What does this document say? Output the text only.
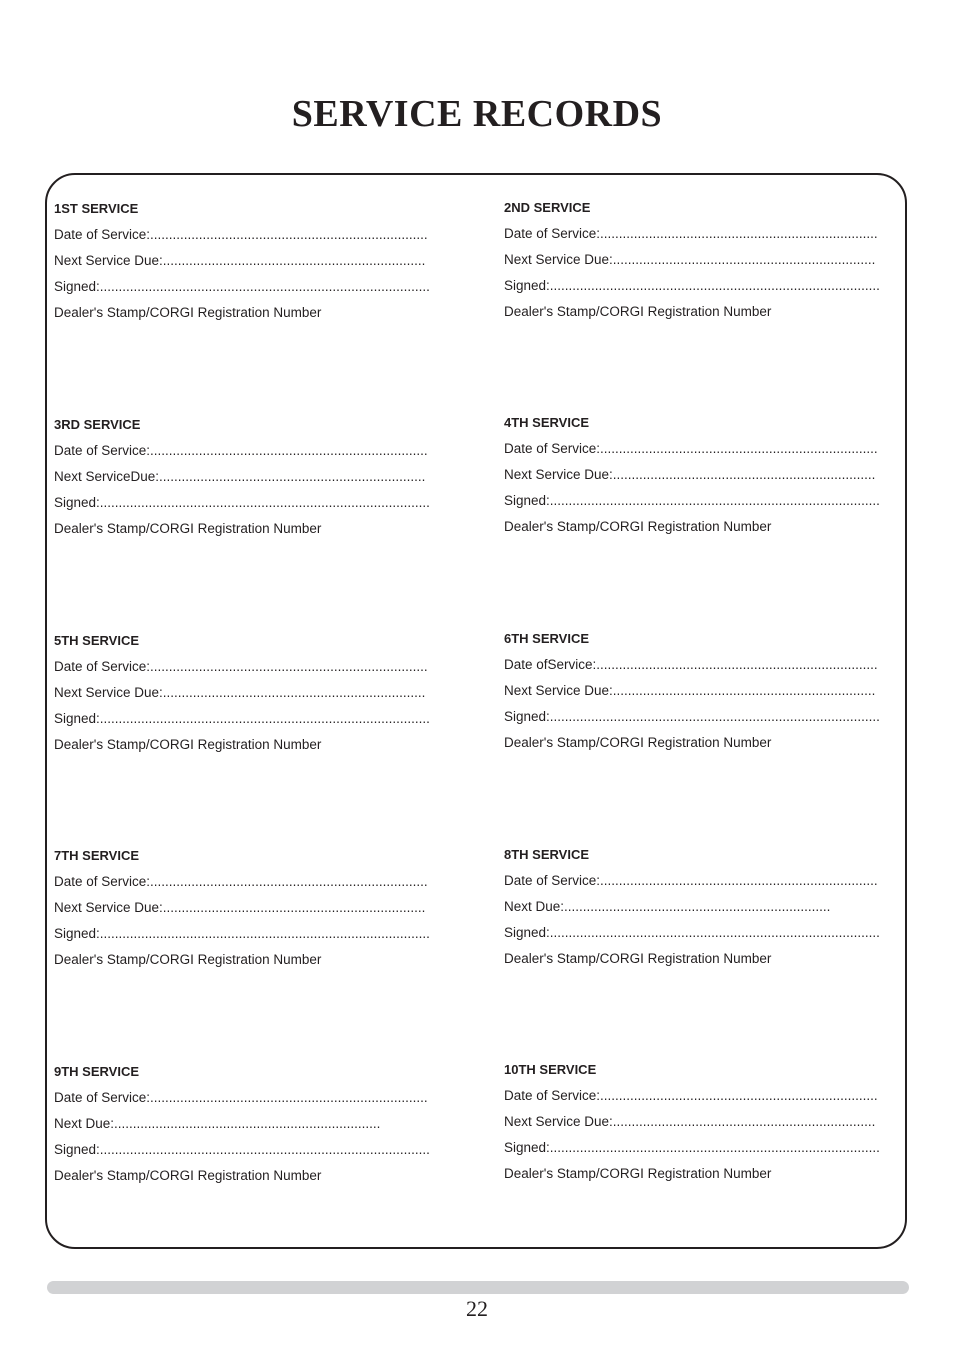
SERVICE RECORDS
1ST SERVICE
Date of Service:..........................................................................
Next Service Due:......................................................................
Signed:........................................................................................
Dealer's Stamp/CORGI Registration Number
2ND SERVICE
Date of Service:..........................................................................
Next Service Due:......................................................................
Signed:........................................................................................
Dealer's Stamp/CORGI Registration Number
3RD SERVICE
Date of Service:..........................................................................
Next ServiceDue:.......................................................................
Signed:........................................................................................
Dealer's Stamp/CORGI Registration Number
4TH SERVICE
Date of Service:..........................................................................
Next Service Due:......................................................................
Signed:........................................................................................
Dealer's Stamp/CORGI Registration Number
5TH SERVICE
Date of Service:..........................................................................
Next Service Due:......................................................................
Signed:........................................................................................
Dealer's Stamp/CORGI Registration Number
6TH SERVICE
Date ofService:...........................................................................
Next Service Due:......................................................................
Signed:........................................................................................
Dealer's Stamp/CORGI Registration Number
7TH SERVICE
Date of Service:..........................................................................
Next Service Due:......................................................................
Signed:........................................................................................
Dealer's Stamp/CORGI Registration Number
8TH SERVICE
Date of Service:..........................................................................
Next Due:.......................................................................
Signed:........................................................................................
Dealer's Stamp/CORGI Registration Number
9TH SERVICE
Date of Service:..........................................................................
Next Due:.......................................................................
Signed:........................................................................................
Dealer's Stamp/CORGI Registration Number
10TH SERVICE
Date of Service:..........................................................................
Next Service Due:......................................................................
Signed:........................................................................................
Dealer's Stamp/CORGI Registration Number
22
